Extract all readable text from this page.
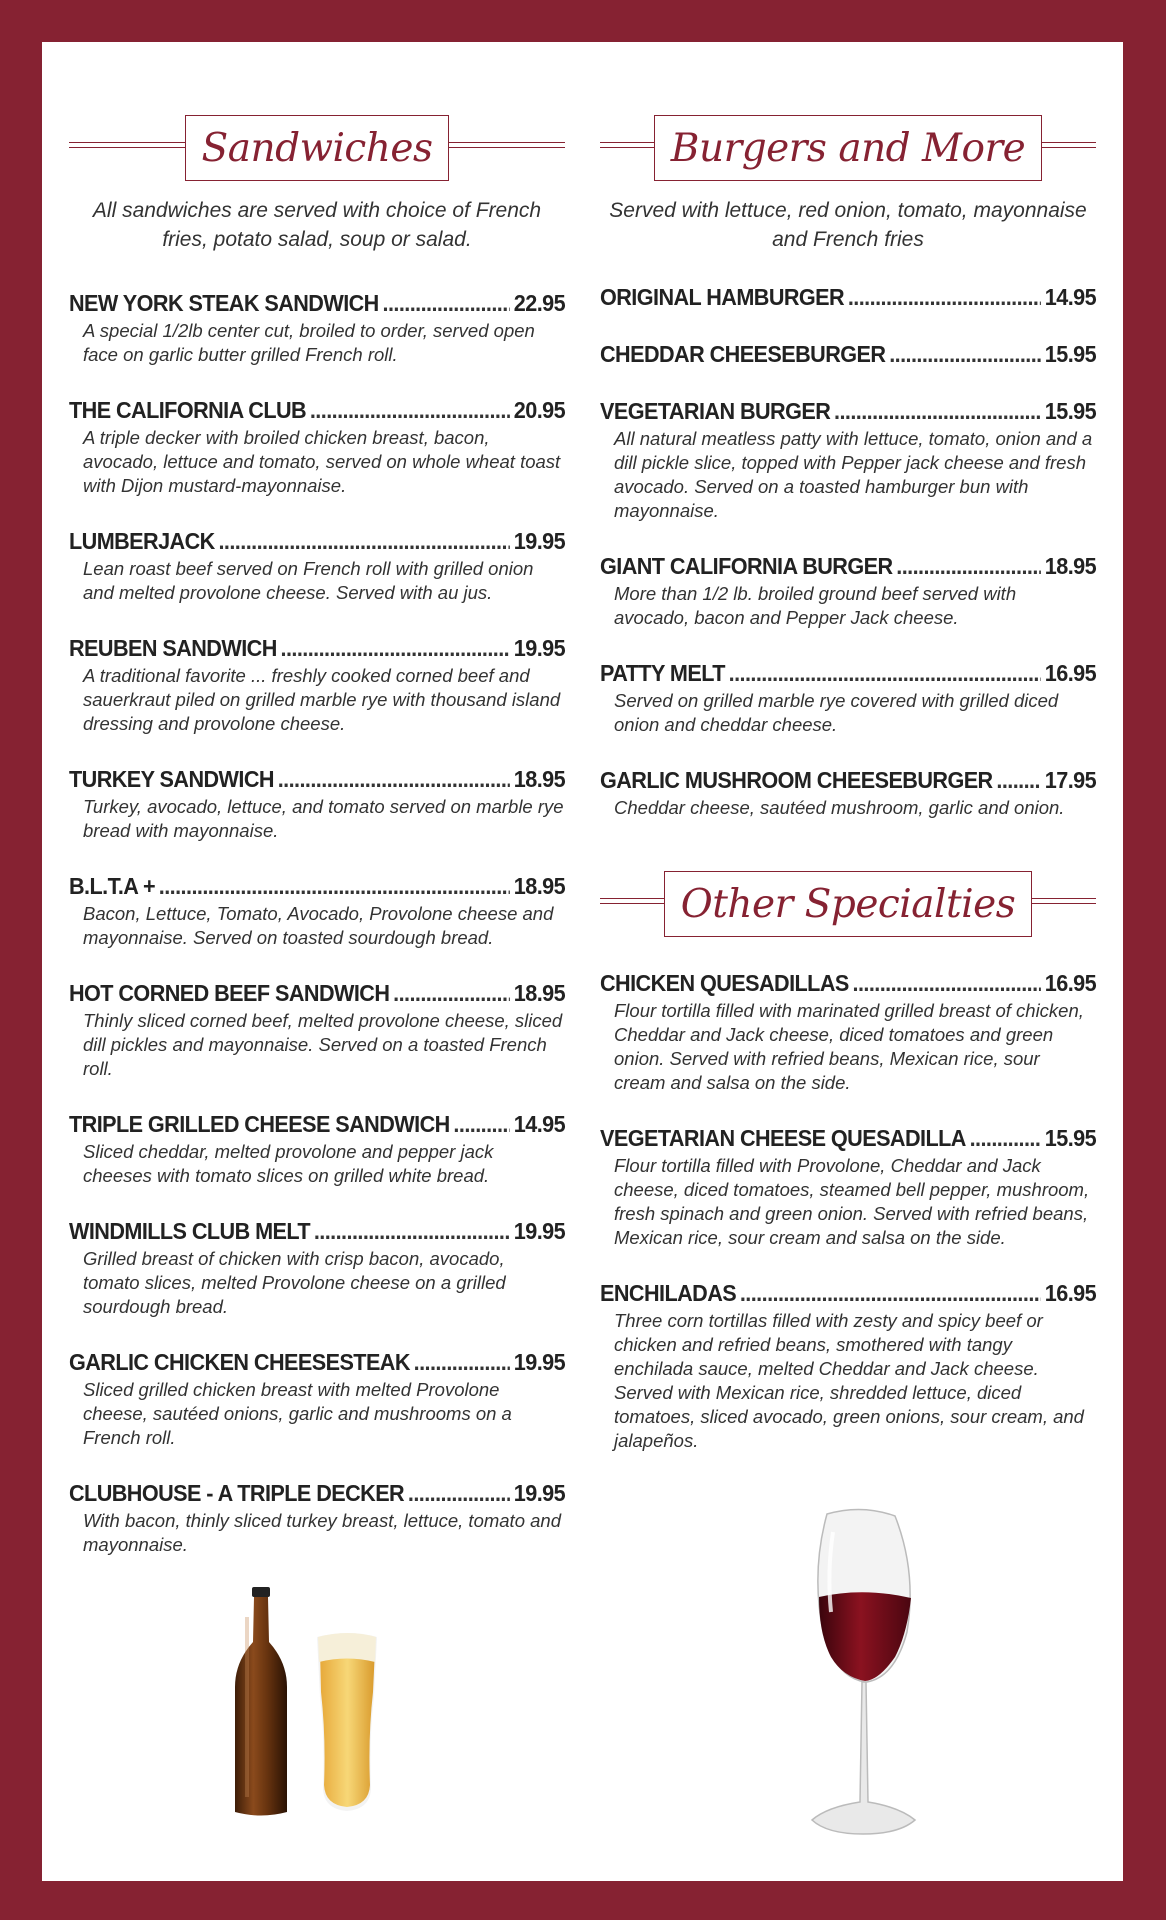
Sandwiches

All sandwiches are served with choice of French fries, potato salad, soup or salad.

NEW YORK STEAK SANDWICH .....	22.95
A special 1/2lb center cut, broiled to order, served open face on garlic butter grilled French roll.
THE CALIFORNIA CLUB .....	20.95
A triple decker with broiled chicken breast, bacon, avocado, lettuce and tomato, served on whole wheat toast with Dijon mustard-mayonnaise.
LUMBERJACK .....	19.95
Lean roast beef served on French roll with grilled onion and melted provolone cheese. Served with au jus.
REUBEN SANDWICH .....	19.95
A traditional favorite ... freshly cooked corned beef and sauerkraut piled on grilled marble rye with thousand island dressing and provolone cheese.
TURKEY SANDWICH .....	18.95
Turkey, avocado, lettuce, and tomato served on marble rye bread with mayonnaise.
B.L.T.A + .....	18.95
Bacon, Lettuce, Tomato, Avocado, Provolone cheese and mayonnaise. Served on toasted sourdough bread.
HOT CORNED BEEF SANDWICH .....	18.95
Thinly sliced corned beef, melted provolone cheese, sliced dill pickles and mayonnaise. Served on a toasted French roll.
TRIPLE GRILLED CHEESE SANDWICH .....	14.95
Sliced cheddar, melted provolone and pepper jack cheeses with tomato slices on grilled white bread.
WINDMILLS CLUB MELT .....	19.95
Grilled breast of chicken with crisp bacon, avocado, tomato slices, melted Provolone cheese on a grilled sourdough bread.
GARLIC CHICKEN CHEESESTEAK .....	19.95
Sliced grilled chicken breast with melted Provolone cheese, sautéed onions, garlic and mushrooms on a French roll.
CLUBHOUSE - A TRIPLE DECKER .....	19.95
With bacon, thinly sliced turkey breast, lettuce, tomato and mayonnaise.
Burgers and More

Served with lettuce, red onion, tomato, mayonnaise and French fries

ORIGINAL HAMBURGER .....	14.95
CHEDDAR CHEESEBURGER .....	15.95
VEGETARIAN BURGER .....	15.95
All natural meatless patty with lettuce, tomato, onion and a dill pickle slice, topped with Pepper jack cheese and fresh avocado. Served on a toasted hamburger bun with mayonnaise.
GIANT CALIFORNIA BURGER .....	18.95
More than 1/2 lb. broiled ground beef served with avocado, bacon and Pepper Jack cheese.
PATTY MELT .....	16.95
Served on grilled marble rye covered with grilled diced onion and cheddar cheese.
GARLIC MUSHROOM CHEESEBURGER ..... 17.95
Cheddar cheese, sautéed mushroom, garlic and onion.
Other Specialties
CHICKEN QUESADILLAS .....	16.95
Flour tortilla filled with marinated grilled breast of chicken, Cheddar and Jack cheese, diced tomatoes and green onion. Served with refried beans, Mexican rice, sour cream and salsa on the side.
VEGETARIAN CHEESE QUESADILLA .....	15.95
Flour tortilla filled with Provolone, Cheddar and Jack cheese, diced tomatoes, steamed bell pepper, mushroom, fresh spinach and green onion. Served with refried beans, Mexican rice, sour cream and salsa on the side.
ENCHILADAS .....	16.95
Three corn tortillas filled with zesty and spicy beef or chicken and refried beans, smothered with tangy enchilada sauce, melted Cheddar and Jack cheese. Served with Mexican rice, shredded lettuce, diced tomatoes, sliced avocado, green onions, sour cream, and jalapeños.
